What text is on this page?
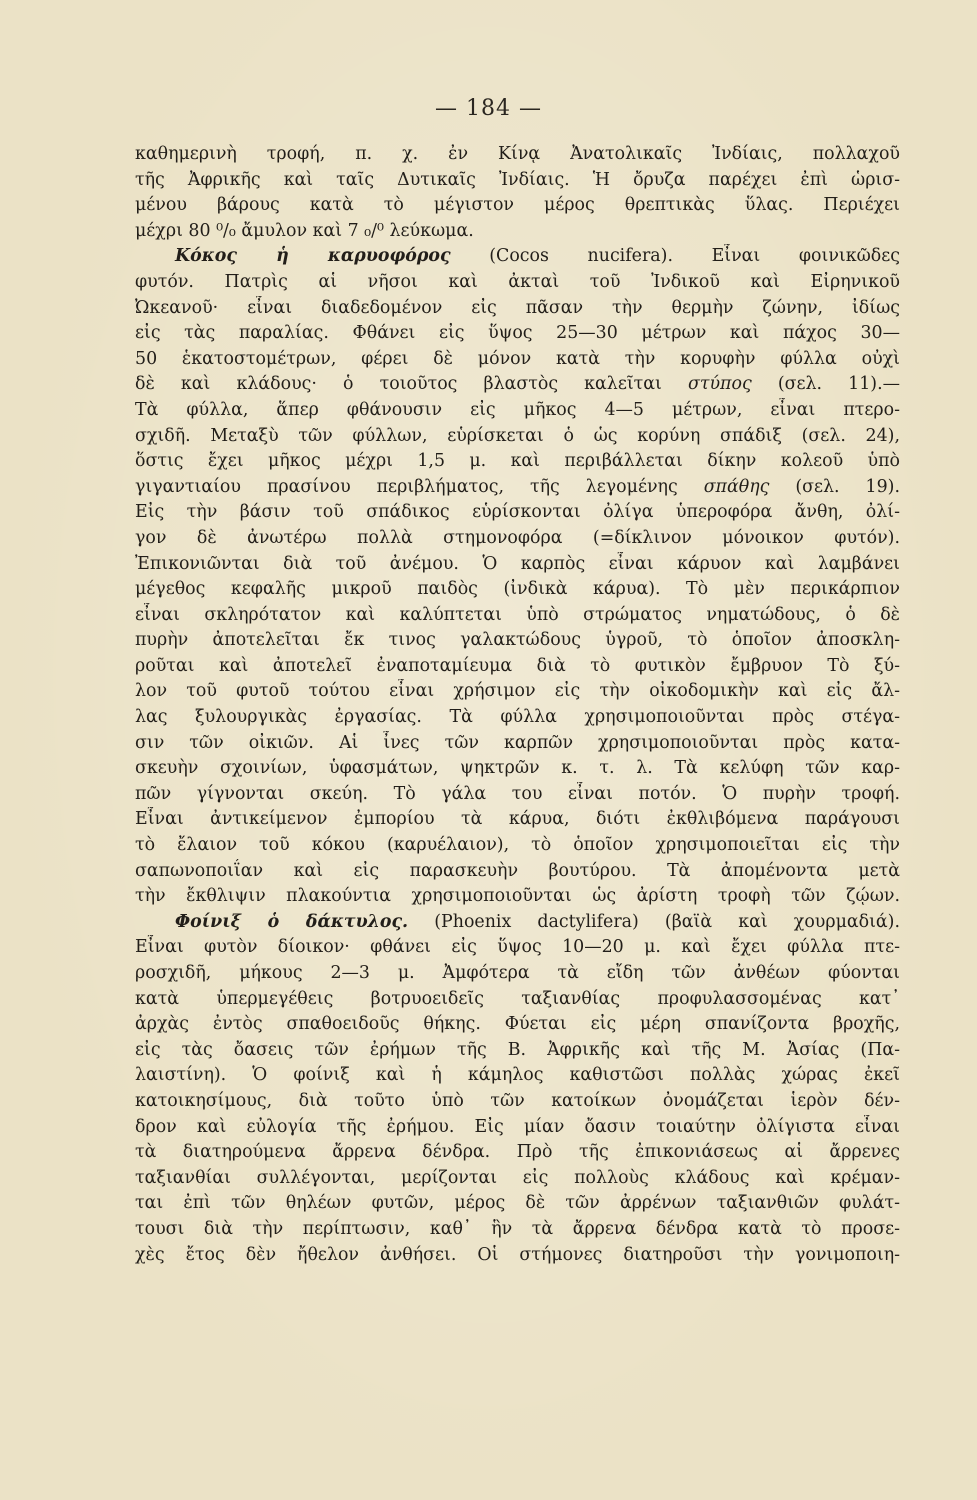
— 184 —
καθημερινὴ τροφή, π. χ. ἐν Κίνᾳ Ἀνατολικαῖς Ἰνδίαις, πολλαχοῦ
τῆς Ἀφρικῆς καὶ ταῖς Δυτικαῖς Ἰνδίαις. Ἡ ὄρυζα παρέχει ἐπὶ ὡρισ-
μένου βάρους κατὰ τὸ μέγιστον μέρος θρεπτικὰς ὕλας. Περιέχει
μέχρι 80 ⁰/₀ ἄμυλον καὶ 7 ₀/⁰ λεύκωμα.
Κόκος ἡ καρυοφόρος (Cocos nucifera). Εἶναι φοινικῶδες
φυτόν. Πατρὶς αἱ νῆσοι καὶ ἀκταὶ τοῦ Ἰνδικοῦ καὶ Εἰρηνικοῦ
Ὠκεανοῦ· εἶναι διαδεδομένον εἰς πᾶσαν τὴν θερμὴν ζώνην, ἰδίως
εἰς τὰς παραλίας. Φθάνει εἰς ὕψος 25—30 μέτρων καὶ πάχος 30—
50 ἑκατοστομέτρων, φέρει δὲ μόνον κατὰ τὴν κορυφὴν φύλλα οὐχὶ
δὲ καὶ κλάδους· ὁ τοιοῦτος βλαστὸς καλεῖται στύπος (σελ. 11).—
Τὰ φύλλα, ἅπερ φθάνουσιν εἰς μῆκος 4—5 μέτρων, εἶναι πτερο-
σχιδῆ. Μεταξὺ τῶν φύλλων, εὑρίσκεται ὁ ὡς κορύνη σπάδιξ (σελ. 24),
ὅστις ἔχει μῆκος μέχρι 1,5 μ. καὶ περιβάλλεται δίκην κολεοῦ ὑπὸ
γιγαντιαίου πρασίνου περιβλήματος, τῆς λεγομένης σπάθης (σελ. 19).
Εἰς τὴν βάσιν τοῦ σπάδικος εὑρίσκονται ὀλίγα ὑπεροφόρα ἄνθη, ὀλί-
γον δὲ ἀνωτέρω πολλὰ στημονοφόρα (=δίκλινον μόνοικον φυτόν).
Ἐπικονιῶνται διὰ τοῦ ἀνέμου. Ὁ καρπὸς εἶναι κάρυον καὶ λαμβάνει
μέγεθος κεφαλῆς μικροῦ παιδὸς (ἰνδικὰ κάρυα). Τὸ μὲν περικάρπιον
εἶναι σκληρότατον καὶ καλύπτεται ὑπὸ στρώματος νηματώδους, ὁ δὲ
πυρὴν ἀποτελεῖται ἔκ τινος γαλακτώδους ὑγροῦ, τὸ ὁποῖον ἀποσκλη-
ροῦται καὶ ἀποτελεῖ ἐναποταμίευμα διὰ τὸ φυτικὸν ἔμβρυον Τὸ ξύ-
λον τοῦ φυτοῦ τούτου εἶναι χρήσιμον εἰς τὴν οἰκοδομικὴν καὶ εἰς ἄλ-
λας ξυλουργικὰς ἐργασίας. Τὰ φύλλα χρησιμοποιοῦνται πρὸς στέγα-
σιν τῶν οἰκιῶν. Αἱ ἶνες τῶν καρπῶν χρησιμοποιοῦνται πρὸς κατα-
σκευὴν σχοινίων, ὑφασμάτων, ψηκτρῶν κ. τ. λ. Τὰ κελύφη τῶν καρ-
πῶν γίγνονται σκεύη. Τὸ γάλα του εἶναι ποτόν. Ὁ πυρὴν τροφή.
Εἶναι ἀντικείμενον ἐμπορίου τὰ κάρυα, διότι ἐκθλιβόμενα παράγουσι
τὸ ἔλαιον τοῦ κόκου (καρυέλαιον), τὸ ὁποῖον χρησιμοποιεῖται εἰς τὴν
σαπωνοποιΐαν καὶ εἰς παρασκευὴν βουτύρου. Τὰ ἀπομένοντα μετὰ
τὴν ἔκθλιψιν πλακούντια χρησιμοποιοῦνται ὡς ἀρίστη τροφὴ τῶν ζῴων.
Φοίνιξ ὁ δάκτυλος. (Phoenix dactylifera) (βαϊὰ καὶ χουρμαδιά).
Εἶναι φυτὸν δίοικον· φθάνει εἰς ὕψος 10—20 μ. καὶ ἔχει φύλλα πτε-
ροσχιδῆ, μήκους 2—3 μ. Ἀμφότερα τὰ εἴδη τῶν ἀνθέων φύονται
κατὰ ὑπερμεγέθεις βοτρυοειδεῖς ταξιανθίας προφυλασσομένας κατ᾽
ἀρχὰς ἐντὸς σπαθοειδοῦς θήκης. Φύεται εἰς μέρη σπανίζοντα βροχῆς,
εἰς τὰς ὄασεις τῶν ἐρήμων τῆς Β. Ἀφρικῆς καὶ τῆς Μ. Ἀσίας (Πα-
λαιστίνη). Ὁ φοίνιξ καὶ ἡ κάμηλος καθιστῶσι πολλὰς χώρας ἐκεῖ
κατοικησίμους, διὰ τοῦτο ὑπὸ τῶν κατοίκων ὀνομάζεται ἱερὸν δέν-
δρον καὶ εὐλογία τῆς ἐρήμου. Εἰς μίαν ὄασιν τοιαύτην ὀλίγιστα εἶναι
τὰ διατηρούμενα ἄρρενα δένδρα. Πρὸ τῆς ἐπικονιάσεως αἱ ἄρρενες
ταξιανθίαι συλλέγονται, μερίζονται εἰς πολλοὺς κλάδους καὶ κρέμαν-
ται ἐπὶ τῶν θηλέων φυτῶν, μέρος δὲ τῶν ἀρρένων ταξιανθιῶν φυλάτ-
τουσι διὰ τὴν περίπτωσιν, καθ᾽ ἣν τὰ ἄρρενα δένδρα κατὰ τὸ προσε-
χὲς ἔτος δὲν ἤθελον ἀνθήσει. Οἱ στήμονες διατηροῦσι τὴν γονιμοποιη-
